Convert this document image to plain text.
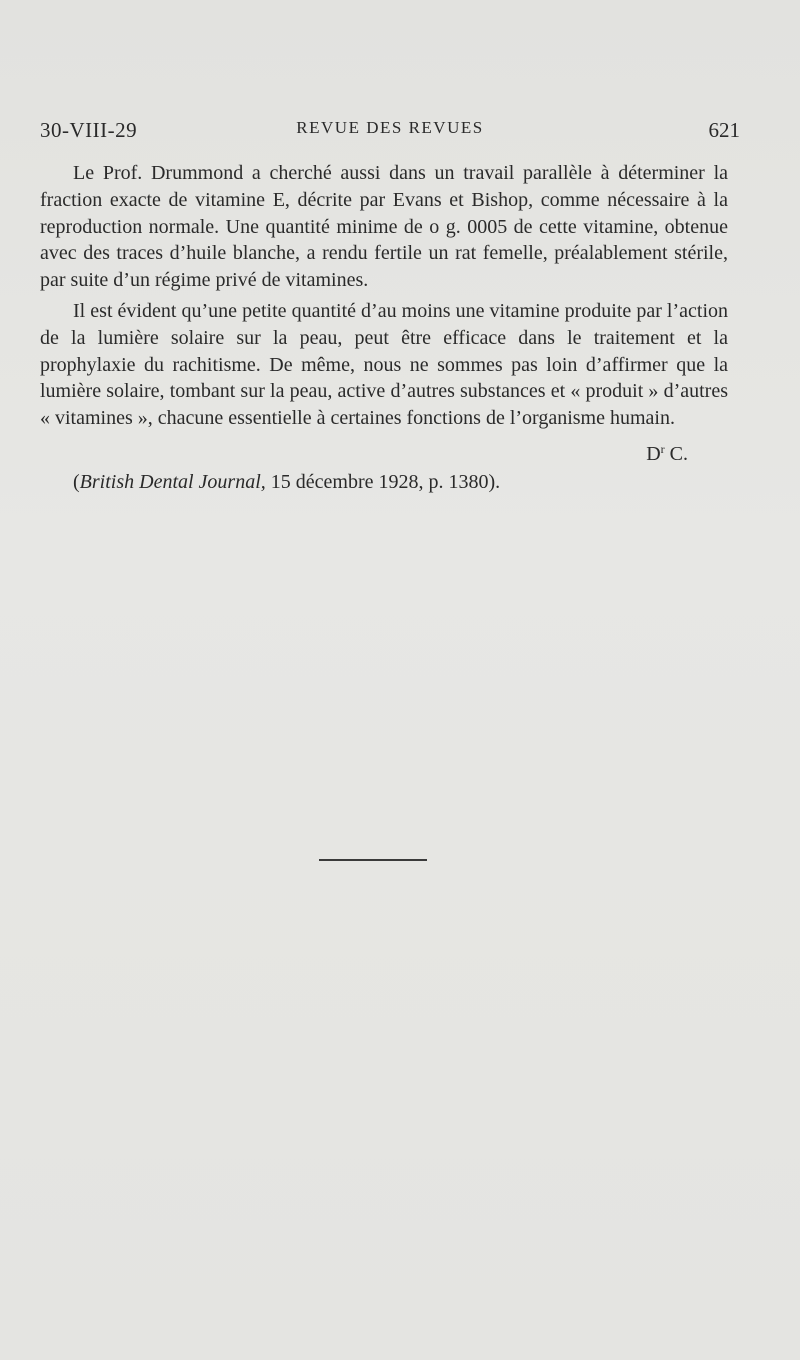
30-VIII-29	REVUE DES REVUES	621

Le Prof. Drummond a cherché aussi dans un travail parallèle à déterminer la fraction exacte de vitamine E, décrite par Evans et Bishop, comme nécessaire à la reproduction normale. Une quantité minime de o g. 0005 de cette vitamine, obtenue avec des traces d’huile blanche, a rendu fertile un rat femelle, préalablement stérile, par suite d’un régime privé de vitamines.

Il est évident qu’une petite quantité d’au moins une vitamine produite par l’action de la lumière solaire sur la peau, peut être efficace dans le traitement et la prophylaxie du rachitisme. De même, nous ne sommes pas loin d’affirmer que la lumière solaire, tombant sur la peau, active d’autres substances et « produit » d’autres « vitamines », chacune essentielle à certaines fonctions de l’organisme humain.

$D^r$ C.

(British Dental Journal, 15 décembre 1928, p. 1380).
